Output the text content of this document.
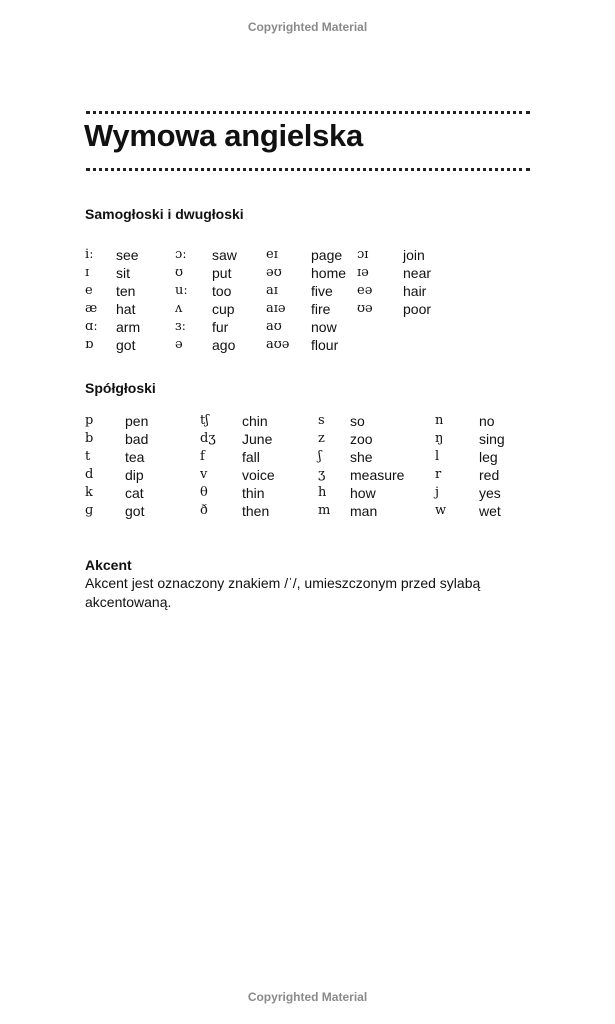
Copyrighted Material
Wymowa angielska
Samogłoski i dwugłoski
iː see	ɔː saw eɪ page ɔɪ join
ɪ sit	ʊ put	əʊ home ɪə near
e ten	uː too	aɪ five eə hair
æ hat	ʌ cup aɪə fire ʊə poor
ɑː arm	ɜː fur	aʊ now
ɒ got	ə ago aʊə flour
Spółgłoski
p pen	tʃ chin	s so	n	no
b bad	dʒ June	z zoo	ŋ	sing
t tea	f	fall	ʃ she	l	leg
d dip	v voice	ʒ measure r	red
k cat	θ thin	h how	j	yes
ɡ got	ð then	m man	w wet
Akcent
Akcent jest oznaczony znakiem /ˈ/, umieszczonym przed sylabą akcentowaną.
Copyrighted Material
